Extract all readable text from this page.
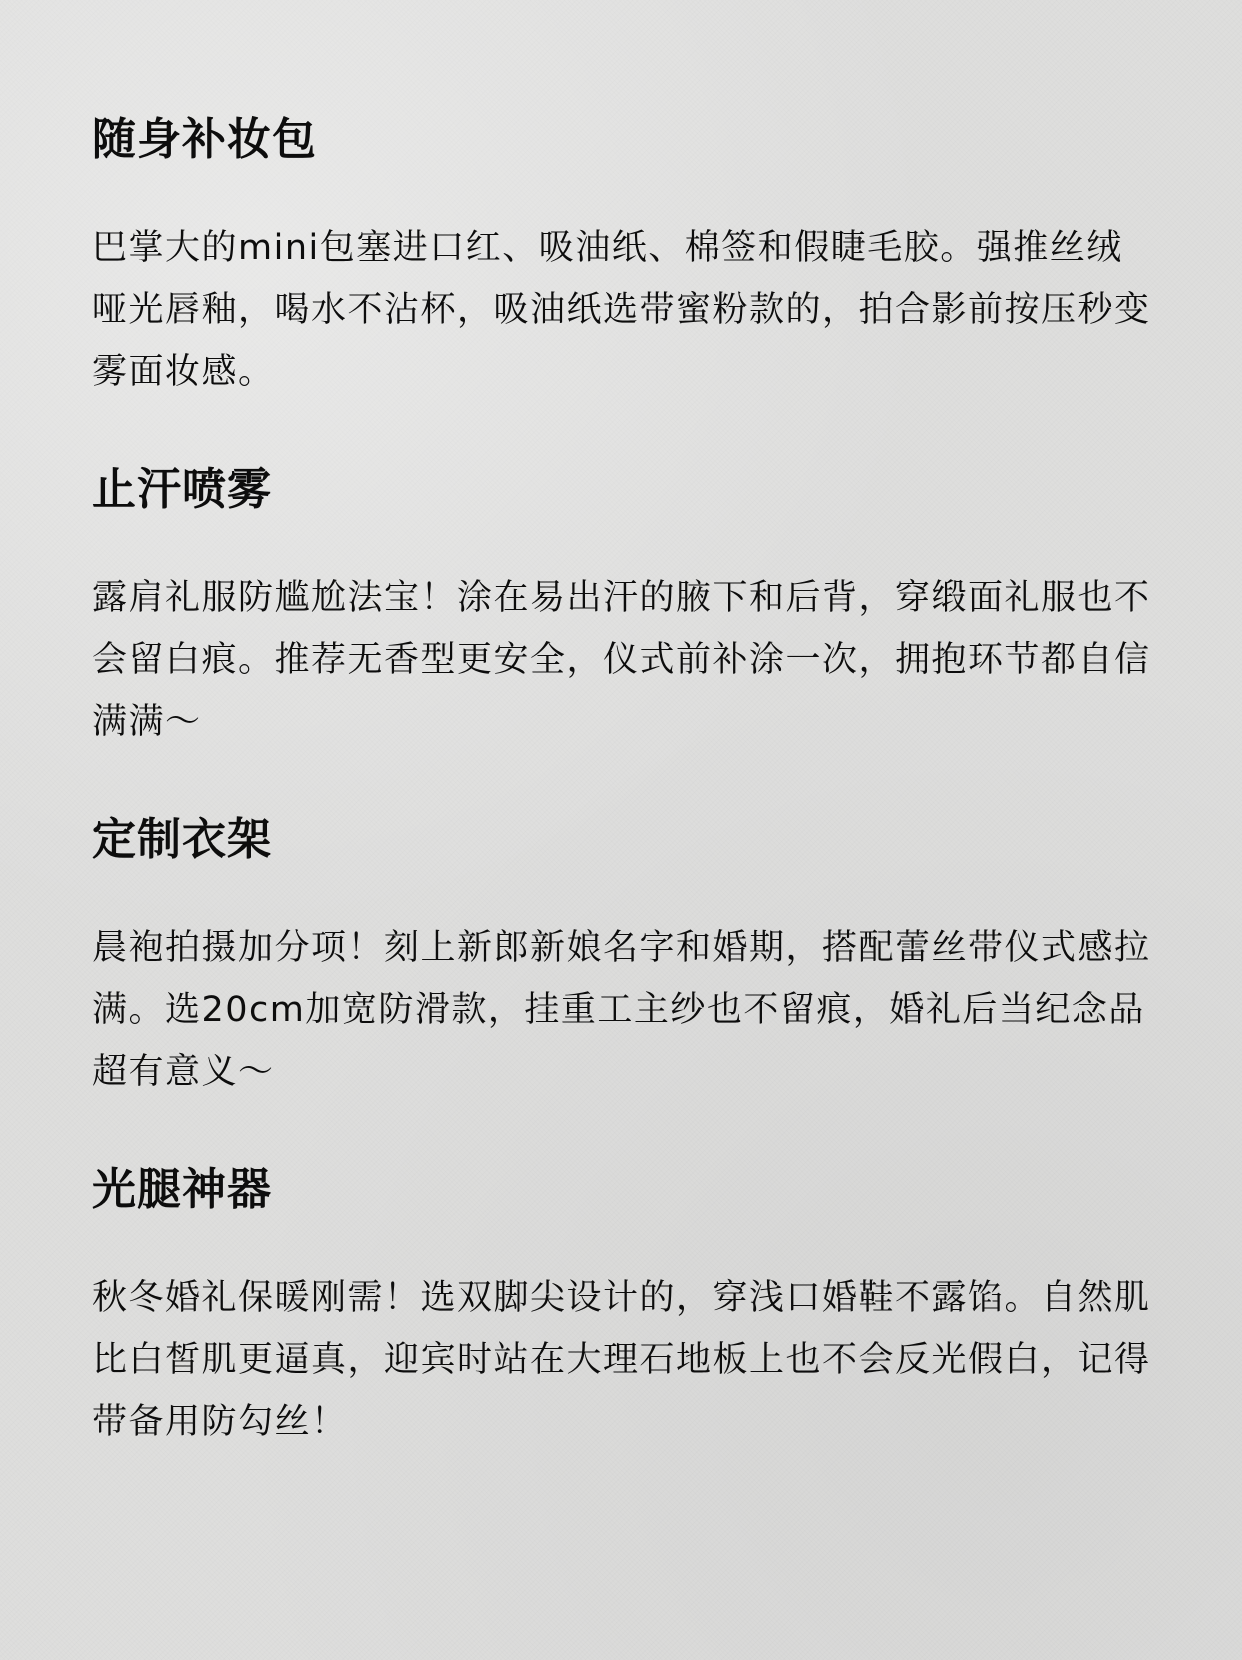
随身补妆包

巴掌大的mini包塞进口红、吸油纸、棉签和假睫毛胶。强推丝绒哑光唇釉，喝水不沾杯，吸油纸选带蜜粉款的，拍合影前按压秒变雾面妆感。

止汗喷雾

露肩礼服防尴尬法宝！涂在易出汗的腋下和后背，穿缎面礼服也不会留白痕。推荐无香型更安全，仪式前补涂一次，拥抱环节都自信满满～

定制衣架

晨袍拍摄加分项！刻上新郎新娘名字和婚期，搭配蕾丝带仪式感拉满。选20cm加宽防滑款，挂重工主纱也不留痕，婚礼后当纪念品超有意义～

光腿神器

秋冬婚礼保暖刚需！选双脚尖设计的，穿浅口婚鞋不露馅。自然肌比白皙肌更逼真，迎宾时站在大理石地板上也不会反光假白，记得带备用防勾丝！
